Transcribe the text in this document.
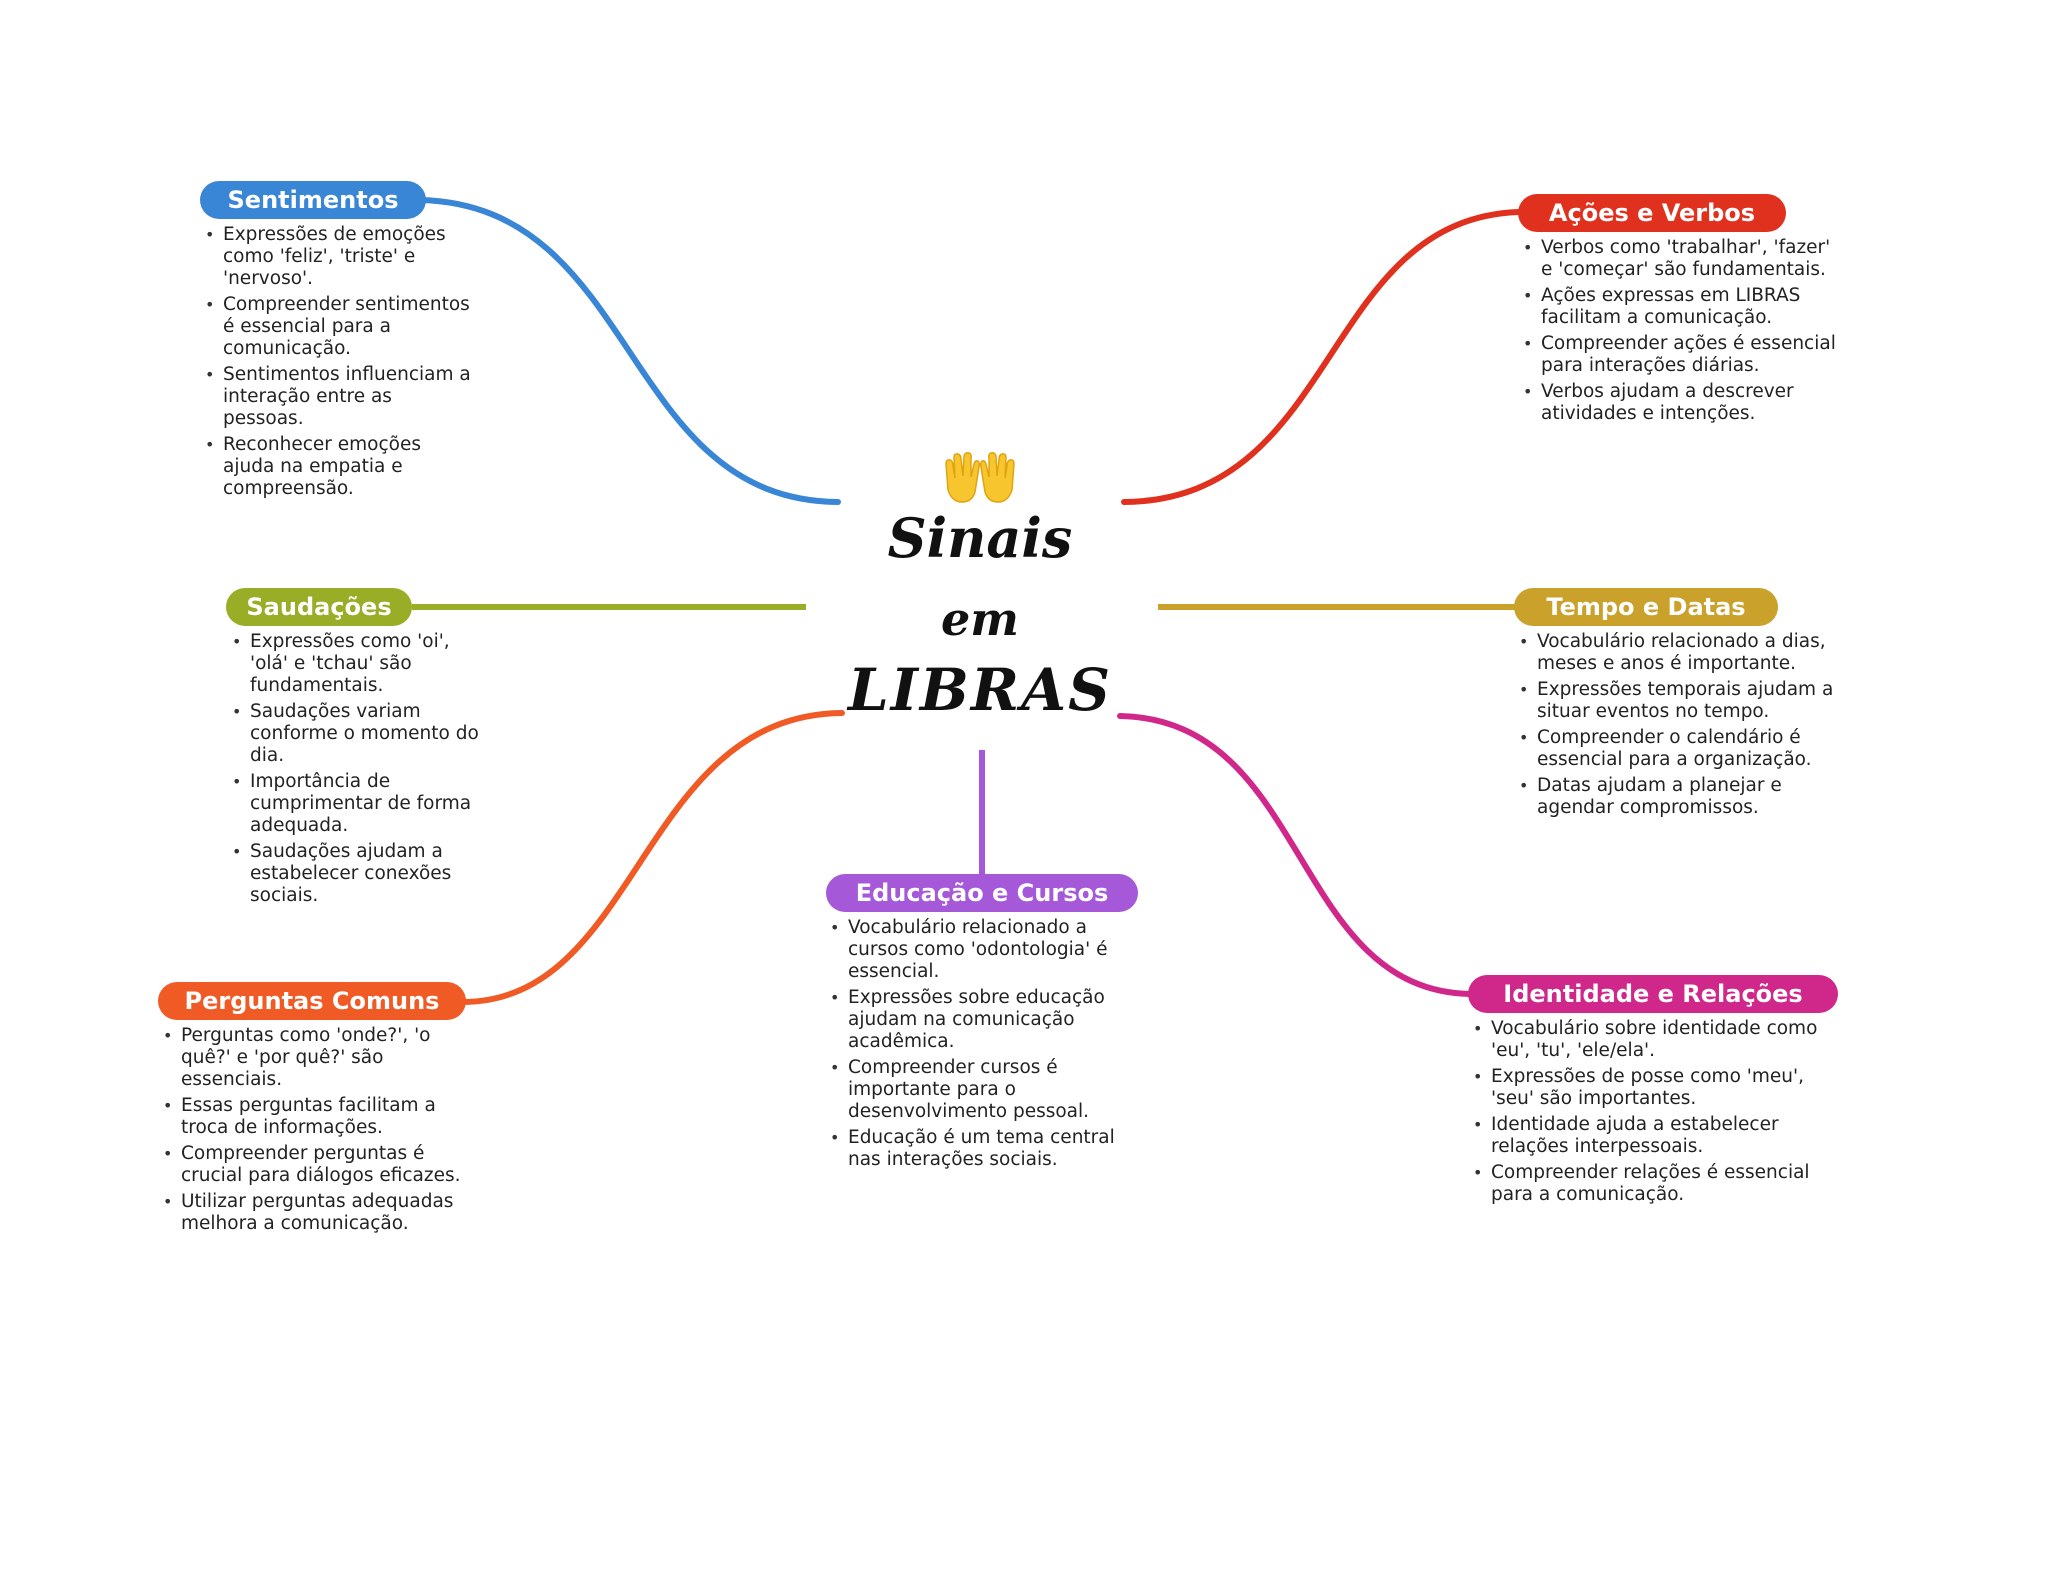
Sinais
em
LIBRAS
Sentimentos
• Expressões de emoções como 'feliz', 'triste' e 'nervoso'.
• Compreender sentimentos é essencial para a comunicação.
• Sentimentos influenciam a interação entre as pessoas.
• Reconhecer emoções ajuda na empatia e compreensão.
Saudações
• Expressões como 'oi', 'olá' e 'tchau' são fundamentais.
• Saudações variam conforme o momento do dia.
• Importância de cumprimentar de forma adequada.
• Saudações ajudam a estabelecer conexões sociais.
Perguntas Comuns
• Perguntas como 'onde?', 'o quê?' e 'por quê?' são essenciais.
• Essas perguntas facilitam a troca de informações.
• Compreender perguntas é crucial para diálogos eficazes.
• Utilizar perguntas adequadas melhora a comunicação.
Educação e Cursos
• Vocabulário relacionado a cursos como 'odontologia' é essencial.
• Expressões sobre educação ajudam na comunicação acadêmica.
• Compreender cursos é importante para o desenvolvimento pessoal.
• Educação é um tema central nas interações sociais.
Ações e Verbos
• Verbos como 'trabalhar', 'fazer' e 'começar' são fundamentais.
• Ações expressas em LIBRAS facilitam a comunicação.
• Compreender ações é essencial para interações diárias.
• Verbos ajudam a descrever atividades e intenções.
Tempo e Datas
• Vocabulário relacionado a dias, meses e anos é importante.
• Expressões temporais ajudam a situar eventos no tempo.
• Compreender o calendário é essencial para a organização.
• Datas ajudam a planejar e agendar compromissos.
Identidade e Relações
• Vocabulário sobre identidade como 'eu', 'tu', 'ele/ela'.
• Expressões de posse como 'meu', 'seu' são importantes.
• Identidade ajuda a estabelecer relações interpessoais.
• Compreender relações é essencial para a comunicação.
